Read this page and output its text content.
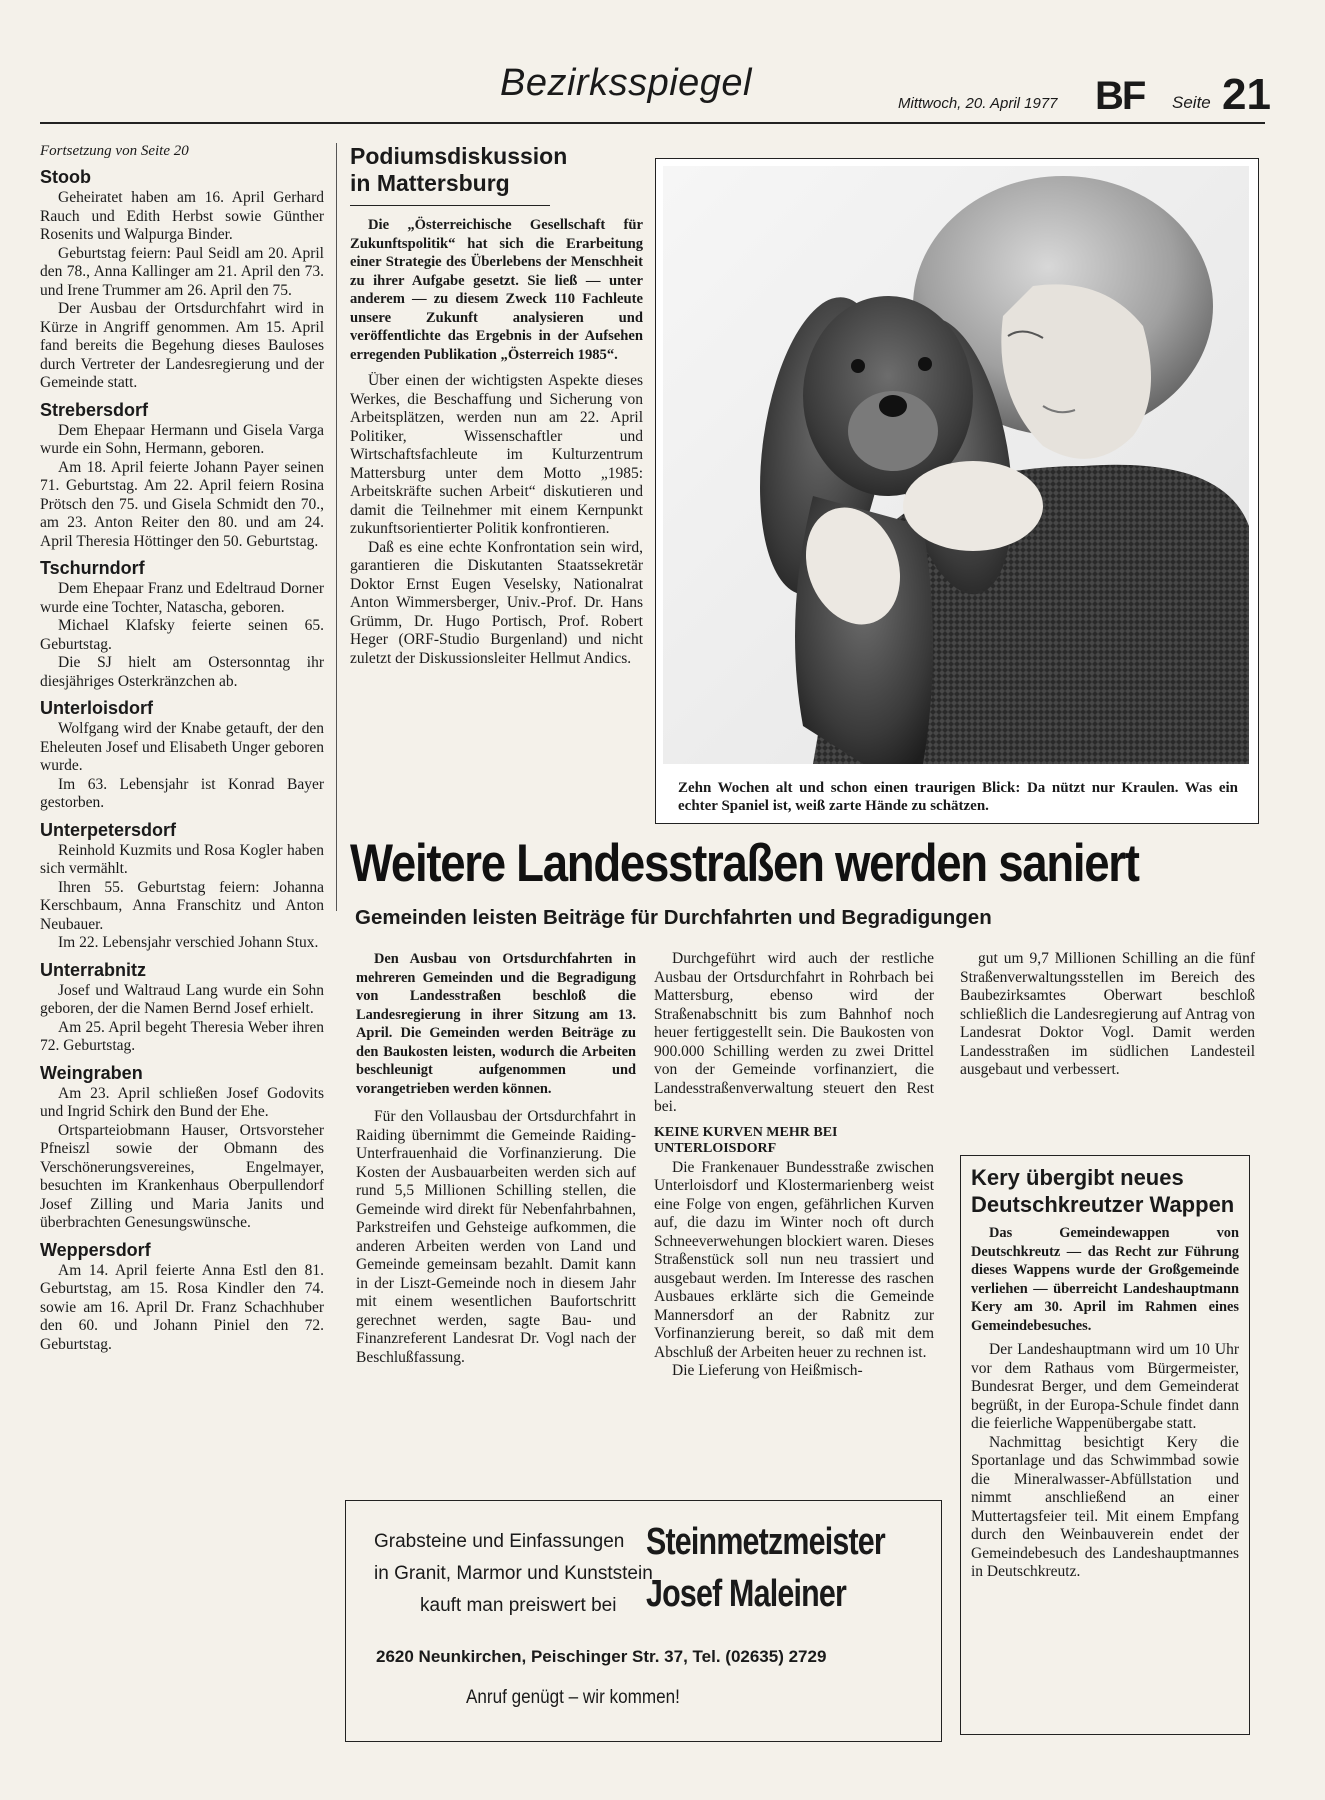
Bezirksspiegel	Mittwoch, 20. April 1977 BF Seite 21
Fortsetzung von Seite 20
Stoob

Geheiratet haben am 16. April Gerhard Rauch und Edith Herbst sowie Günther Rosenits und Walpurga Binder.

Geburtstag feiern: Paul Seidl am 20. April den 78., Anna Kallinger am 21. April den 73. und Irene Trummer am 26. April den 75.

Der Ausbau der Ortsdurchfahrt wird in Kürze in Angriff genommen. Am 15. April fand bereits die Begehung dieses Bauloses durch Vertreter der Landesregierung und der Gemeinde statt.

Strebersdorf

Dem Ehepaar Hermann und Gisela Varga wurde ein Sohn, Hermann, geboren.

Am 18. April feierte Johann Payer seinen 71. Geburtstag. Am 22. April feiern Rosina Prötsch den 75. und Gisela Schmidt den 70., am 23. Anton Reiter den 80. und am 24. April Theresia Höttinger den 50. Geburtstag.

Tschurndorf

Dem Ehepaar Franz und Edeltraud Dorner wurde eine Tochter, Natascha, geboren.

Michael Klafsky feierte seinen 65. Geburtstag.

Die SJ hielt am Ostersonntag ihr diesjähriges Osterkränzchen ab.

Unterloisdorf

Wolfgang wird der Knabe getauft, der den Eheleuten Josef und Elisabeth Unger geboren wurde.

Im 63. Lebensjahr ist Konrad Bayer gestorben.

Unterpetersdorf

Reinhold Kuzmits und Rosa Kogler haben sich vermählt.

Ihren 55. Geburtstag feiern: Johanna Kerschbaum, Anna Franschitz und Anton Neubauer.

Im 22. Lebensjahr verschied Johann Stux.

Unterrabnitz

Josef und Waltraud Lang wurde ein Sohn geboren, der die Namen Bernd Josef erhielt.

Am 25. April begeht Theresia Weber ihren 72. Geburtstag.

Weingraben

Am 23. April schließen Josef Godovits und Ingrid Schirk den Bund der Ehe.

Ortsparteiobmann Hauser, Ortsvorsteher Pfneiszl sowie der Obmann des Verschönerungsvereines, Engelmayer, besuchten im Krankenhaus Oberpullendorf Josef Zilling und Maria Janits und überbrachten Genesungswünsche.

Weppersdorf

Am 14. April feierte Anna Estl den 81. Geburtstag, am 15. Rosa Kindler den 74. sowie am 16. April Dr. Franz Schachhuber den 60. und Johann Piniel den 72. Geburtstag.

Podiumsdiskussion
in Mattersburg

Die „Österreichische Gesellschaft für Zukunftspolitik“ hat sich die Erarbeitung einer Strategie des Überlebens der Menschheit zu ihrer Aufgabe gesetzt. Sie ließ — unter anderem — zu diesem Zweck 110 Fachleute unsere Zukunft analysieren und veröffentlichte das Ergebnis in der Aufsehen erregenden Publikation „Österreich 1985“.

Über einen der wichtigsten Aspekte dieses Werkes, die Beschaffung und Sicherung von Arbeitsplätzen, werden nun am 22. April Politiker, Wissenschaftler und Wirtschaftsfachleute im Kulturzentrum Mattersburg unter dem Motto „1985: Arbeitskräfte suchen Arbeit“ diskutieren und damit die Teilnehmer mit einem Kernpunkt zukunftsorientierter Politik konfrontieren.

Daß es eine echte Konfrontation sein wird, garantieren die Diskutanten Staatssekretär Doktor Ernst Eugen Veselsky, Nationalrat Anton Wimmersberger, Univ.-Prof. Dr. Hans Grümm, Dr. Hugo Portisch, Prof. Robert Heger (ORF-Studio Burgenland) und nicht zuletzt der Diskussionsleiter Hellmut Andics.

Zehn Wochen alt und schon einen traurigen Blick: Da nützt nur Kraulen. Was ein echter Spaniel ist, weiß zarte Hände zu schätzen.
Weitere Landesstraßen werden saniert
Gemeinden leisten Beiträge für Durchfahrten und Begradigungen

Den Ausbau von Ortsdurchfahrten in mehreren Gemeinden und die Begradigung von Landesstraßen beschloß die Landesregierung in ihrer Sitzung am 13. April. Die Gemeinden werden Beiträge zu den Baukosten leisten, wodurch die Arbeiten beschleunigt aufgenommen und vorangetrieben werden können.

Für den Vollausbau der Ortsdurchfahrt in Raiding übernimmt die Gemeinde Raiding-Unterfrauenhaid die Vorfinanzierung. Die Kosten der Ausbauarbeiten werden sich auf rund 5,5 Millionen Schilling stellen, die Gemeinde wird direkt für Nebenfahrbahnen, Parkstreifen und Gehsteige aufkommen, die anderen Arbeiten werden von Land und Gemeinde gemeinsam bezahlt. Damit kann in der Liszt-Gemeinde noch in diesem Jahr mit einem wesentlichen Baufortschritt gerechnet werden, sagte Bau- und Finanzreferent Landesrat Dr. Vogl nach der Beschlußfassung.

Durchgeführt wird auch der restliche Ausbau der Ortsdurchfahrt in Rohrbach bei Mattersburg, ebenso wird der Straßenabschnitt bis zum Bahnhof noch heuer fertiggestellt sein. Die Baukosten von 900.000 Schilling werden zu zwei Drittel von der Gemeinde vorfinanziert, die Landesstraßenverwaltung steuert den Rest bei.

KEINE KURVEN MEHR BEI UNTERLOISDORF

Die Frankenauer Bundesstraße zwischen Unterloisdorf und Klostermarienberg weist eine Folge von engen, gefährlichen Kurven auf, die dazu im Winter noch oft durch Schneeverwehungen blockiert waren. Dieses Straßenstück soll nun neu trassiert und ausgebaut werden. Im Interesse des raschen Ausbaues erklärte sich die Gemeinde Mannersdorf an der Rabnitz zur Vorfinanzierung bereit, so daß mit dem Abschluß der Arbeiten heuer zu rechnen ist.

Die Lieferung von Heißmisch-

gut um 9,7 Millionen Schilling an die fünf Straßenverwaltungsstellen im Bereich des Baubezirksamtes Oberwart beschloß schließlich die Landesregierung auf Antrag von Landesrat Doktor Vogl. Damit werden Landesstraßen im südlichen Landesteil ausgebaut und verbessert.

Kery übergibt neues Deutschkreutzer Wappen

Das Gemeindewappen von Deutschkreutz — das Recht zur Führung dieses Wappens wurde der Großgemeinde verliehen — überreicht Landeshauptmann Kery am 30. April im Rahmen eines Gemeindebesuches.

Der Landeshauptmann wird um 10 Uhr vor dem Rathaus vom Bürgermeister, Bundesrat Berger, und dem Gemeinderat begrüßt, in der Europa-Schule findet dann die feierliche Wappenübergabe statt.

Nachmittag besichtigt Kery die Sportanlage und das Schwimmbad sowie die Mineralwasser-Abfüllstation und nimmt anschließend an einer Muttertagsfeier teil. Mit einem Empfang durch den Weinbauverein endet der Gemeindebesuch des Landeshauptmannes in Deutschkreutz.

Grabsteine und Einfassungen
in Granit, Marmor und Kunststein
kauft man preiswert bei
Steinmetzmeister
Josef Maleiner
2620 Neunkirchen, Peischinger Str. 37, Tel. (02635) 2729
Anruf genügt – wir kommen!
